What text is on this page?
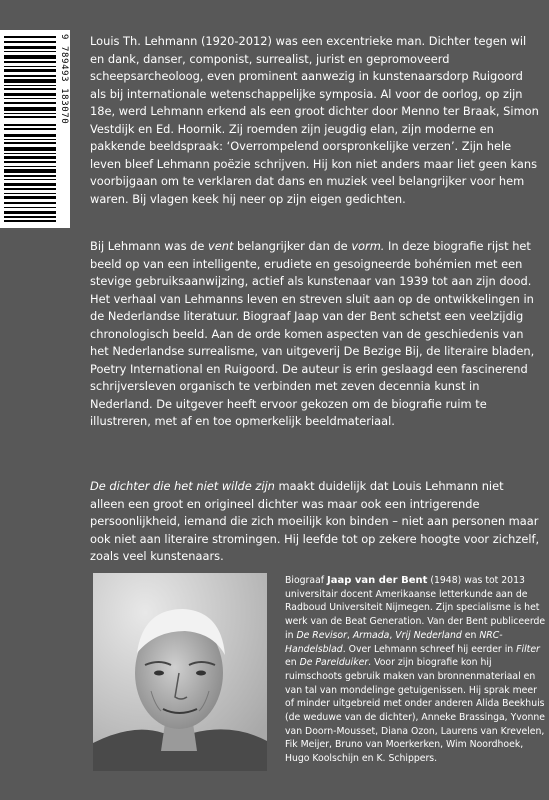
9 789493 183070 Louis Th. Lehmann (1920-2012) was een excentrieke man. Dichter tegen wil en dank, danser, componist, surrealist, jurist en gepromoveerd scheepsarcheoloog, even prominent aanwezig in kunstenaarsdorp Ruigoord als bij internationale wetenschappelijke symposia. Al voor de oorlog, op zijn 18e, werd Lehmann erkend als een groot dichter door Menno ter Braak, Simon Vestdijk en Ed. Hoornik. Zij roemden zijn jeugdig elan, zijn moderne en pakkende beeldspraak: ‘Overrompelend oorspronkelijke verzen’. Zijn hele leven bleef Lehmann poëzie schrijven. Hij kon niet anders maar liet geen kans voorbijgaan om te verklaren dat dans en muziek veel belangrijker voor hem waren. Bij vlagen keek hij neer op zijn eigen gedichten.

Bij Lehmann was de vent belangrijker dan de vorm. In deze biografie rijst het beeld op van een intelligente, erudiete en gesoigneerde bohémien met een stevige gebruiksaanwijzing, actief als kunstenaar van 1939 tot aan zijn dood. Het verhaal van Lehmanns leven en streven sluit aan op de ontwikkelingen in de Nederlandse literatuur. Biograaf Jaap van der Bent schetst een veelzijdig chronologisch beeld. Aan de orde komen aspecten van de geschiedenis van het Nederlandse surrealisme, van uitgeverij De Bezige Bij, de literaire bladen, Poetry International en Ruigoord. De auteur is erin geslaagd een fascinerend schrijversleven organisch te verbinden met zeven decennia kunst in Nederland. De uitgever heeft ervoor gekozen om de biografie ruim te illustreren, met af en toe opmerkelijk beeldmateriaal.

De dichter die het niet wilde zijn maakt duidelijk dat Louis Lehmann niet alleen een groot en origineel dichter was maar ook een intrigerende persoonlijkheid, iemand die zich moeilijk kon binden – niet aan personen maar ook niet aan literaire stromingen. Hij leefde tot op zekere hoogte voor zichzelf, zoals veel kunstenaars.

Biograaf Jaap van der Bent (1948) was tot 2013 universitair docent Amerikaanse letterkunde aan de Radboud Universiteit Nijmegen. Zijn specialisme is het werk van de Beat Generation. Van der Bent publiceerde in De Revisor, Armada, Vrij Nederland en NRC-Handelsblad. Over Lehmann schreef hij eerder in Filter en De Parelduiker. Voor zijn biografie kon hij ruimschoots gebruik maken van bronnenmateriaal en van tal van mondelinge getuigenissen. Hij sprak meer of minder uitgebreid met onder anderen Alida Beekhuis (de weduwe van de dichter), Anneke Brassinga, Yvonne van Doorn-Mousset, Diana Ozon, Laurens van Krevelen, Fik Meijer, Bruno van Moerkerken, Wim Noordhoek, Hugo Koolschijn en K. Schippers.
